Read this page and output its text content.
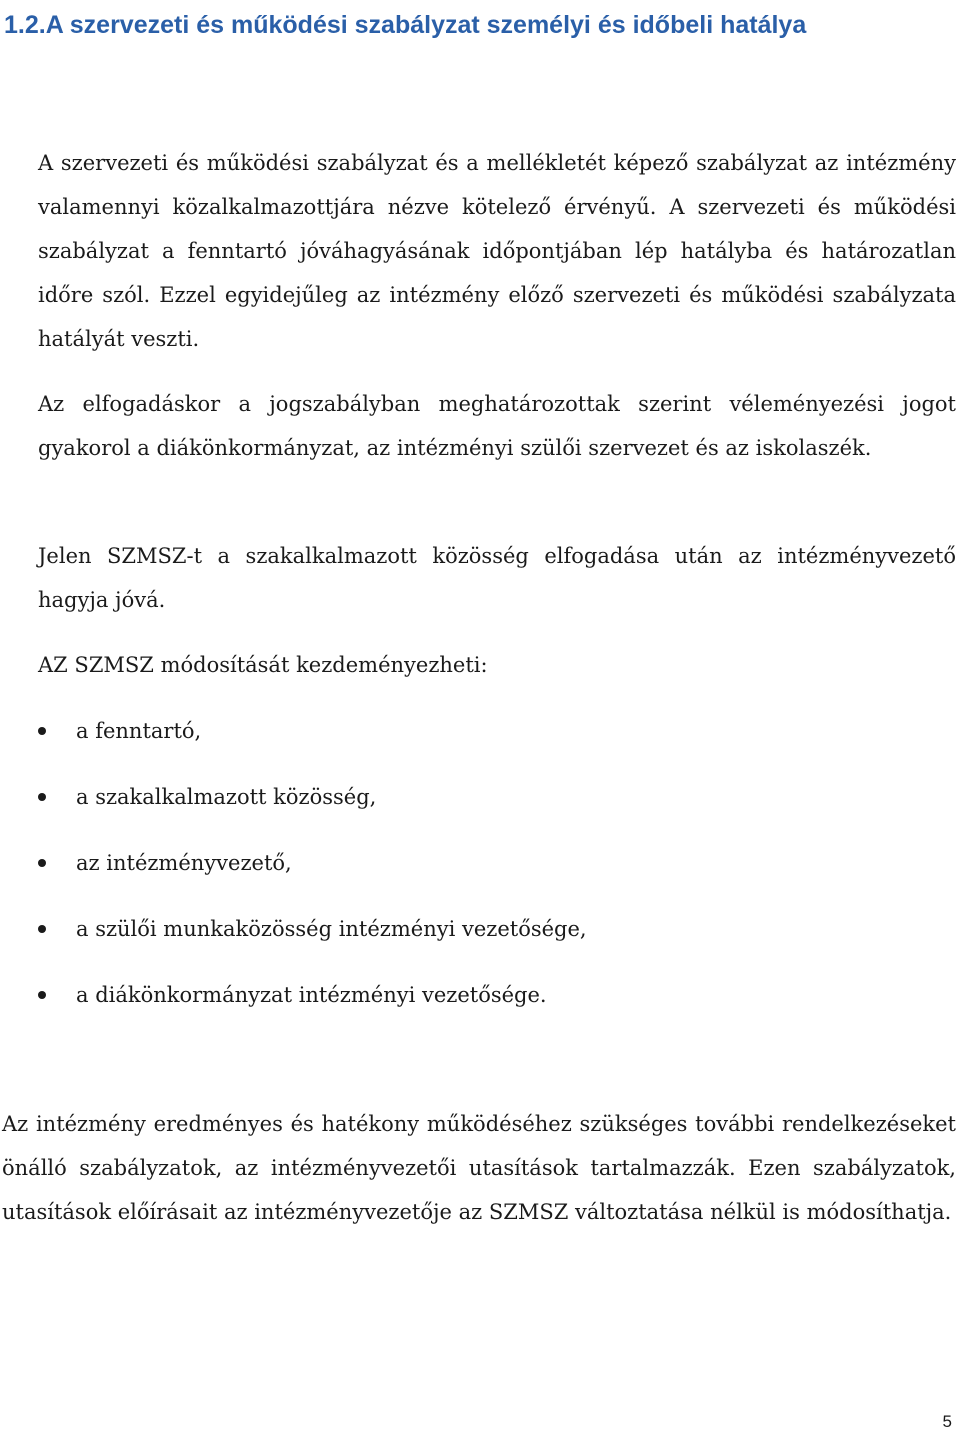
1.2.A szervezeti és működési szabályzat személyi és időbeli hatálya

A szervezeti és működési szabályzat és a mellékletét képező szabályzat az intézmény valamennyi közalkalmazottjára nézve kötelező érvényű. A szervezeti és működési szabályzat a fenntartó jóváhagyásának időpontjában lép hatályba és határozatlan időre szól. Ezzel egyidejűleg az intézmény előző szervezeti és működési szabályzata hatályát veszti.

Az elfogadáskor a jogszabályban meghatározottak szerint véleményezési jogot gyakorol a diákönkormányzat, az intézményi szülői szervezet és az iskolaszék.

Jelen SZMSZ-t a szakalkalmazott közösség elfogadása után az intézményvezető hagyja jóvá.

AZ SZMSZ módosítását kezdeményezheti:

a fenntartó,
a szakalkalmazott közösség,
az intézményvezető,
a szülői munkaközösség intézményi vezetősége,
a diákönkormányzat intézményi vezetősége.

Az intézmény eredményes és hatékony működéséhez szükséges további rendelkezéseket önálló szabályzatok, az intézményvezetői utasítások tartalmazzák. Ezen szabályzatok, utasítások előírásait az intézményvezetője az SZMSZ változtatása nélkül is módosíthatja.

5
